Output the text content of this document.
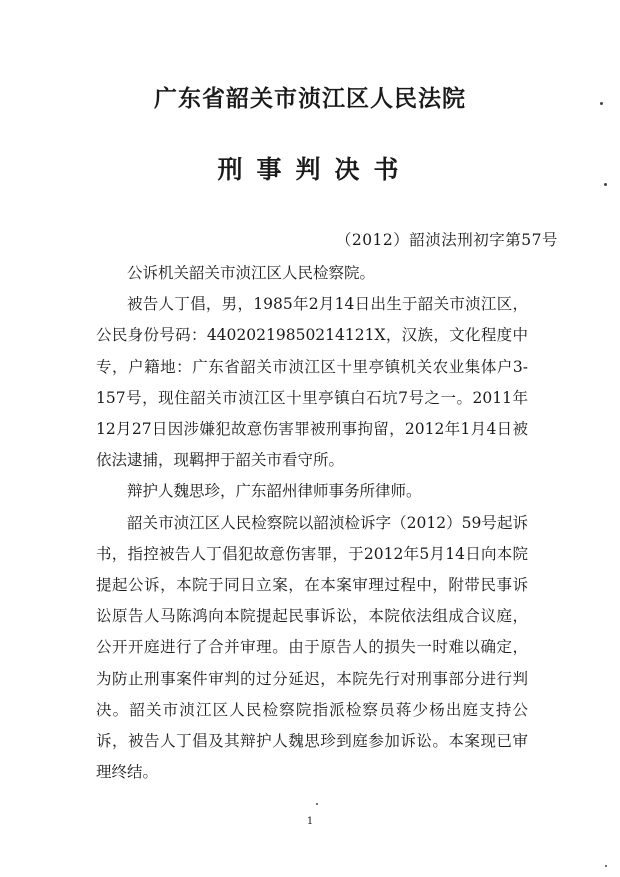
广东省韶关市浈江区人民法院
刑事判决书
（2012）韶浈法刑初字第57号

公诉机关韶关市浈江区人民检察院。

被告人丁倡，男，1985年2月14日出生于韶关市浈江区，公民身份号码：440202198502141​21X，汉族，文化程度中专，户籍地：广东省韶关市浈江区十里亭镇机关农业集体户3-157号，现住韶关市浈江区十里亭镇白石坑7号之一。2011年12月27日因涉嫌犯故意伤害罪被刑事拘留，2012年1月4日被依法逮捕，现羁押于韶关市看守所。

辩护人魏思珍，广东韶州律师事务所律师。

韶关市浈江区人民检察院以韶浈检诉字（2012）59号起诉书，指控被告人丁倡犯故意伤害罪，于2012年5月14日向本院提起公诉，本院于同日立案，在本案审理过程中，附带民事诉讼原告人马陈鸿向本院提起民事诉讼，本院依法组成合议庭，公开开庭进行了合并审理。由于原告人的损失一时难以确定，为防止刑事案件审判的过分延迟，本院先行对刑事部分进行判决。韶关市浈江区人民检察院指派检察员蒋少杨出庭支持公诉，被告人丁倡及其辩护人魏思珍到庭参加诉讼。本案现已审理终结。

1
